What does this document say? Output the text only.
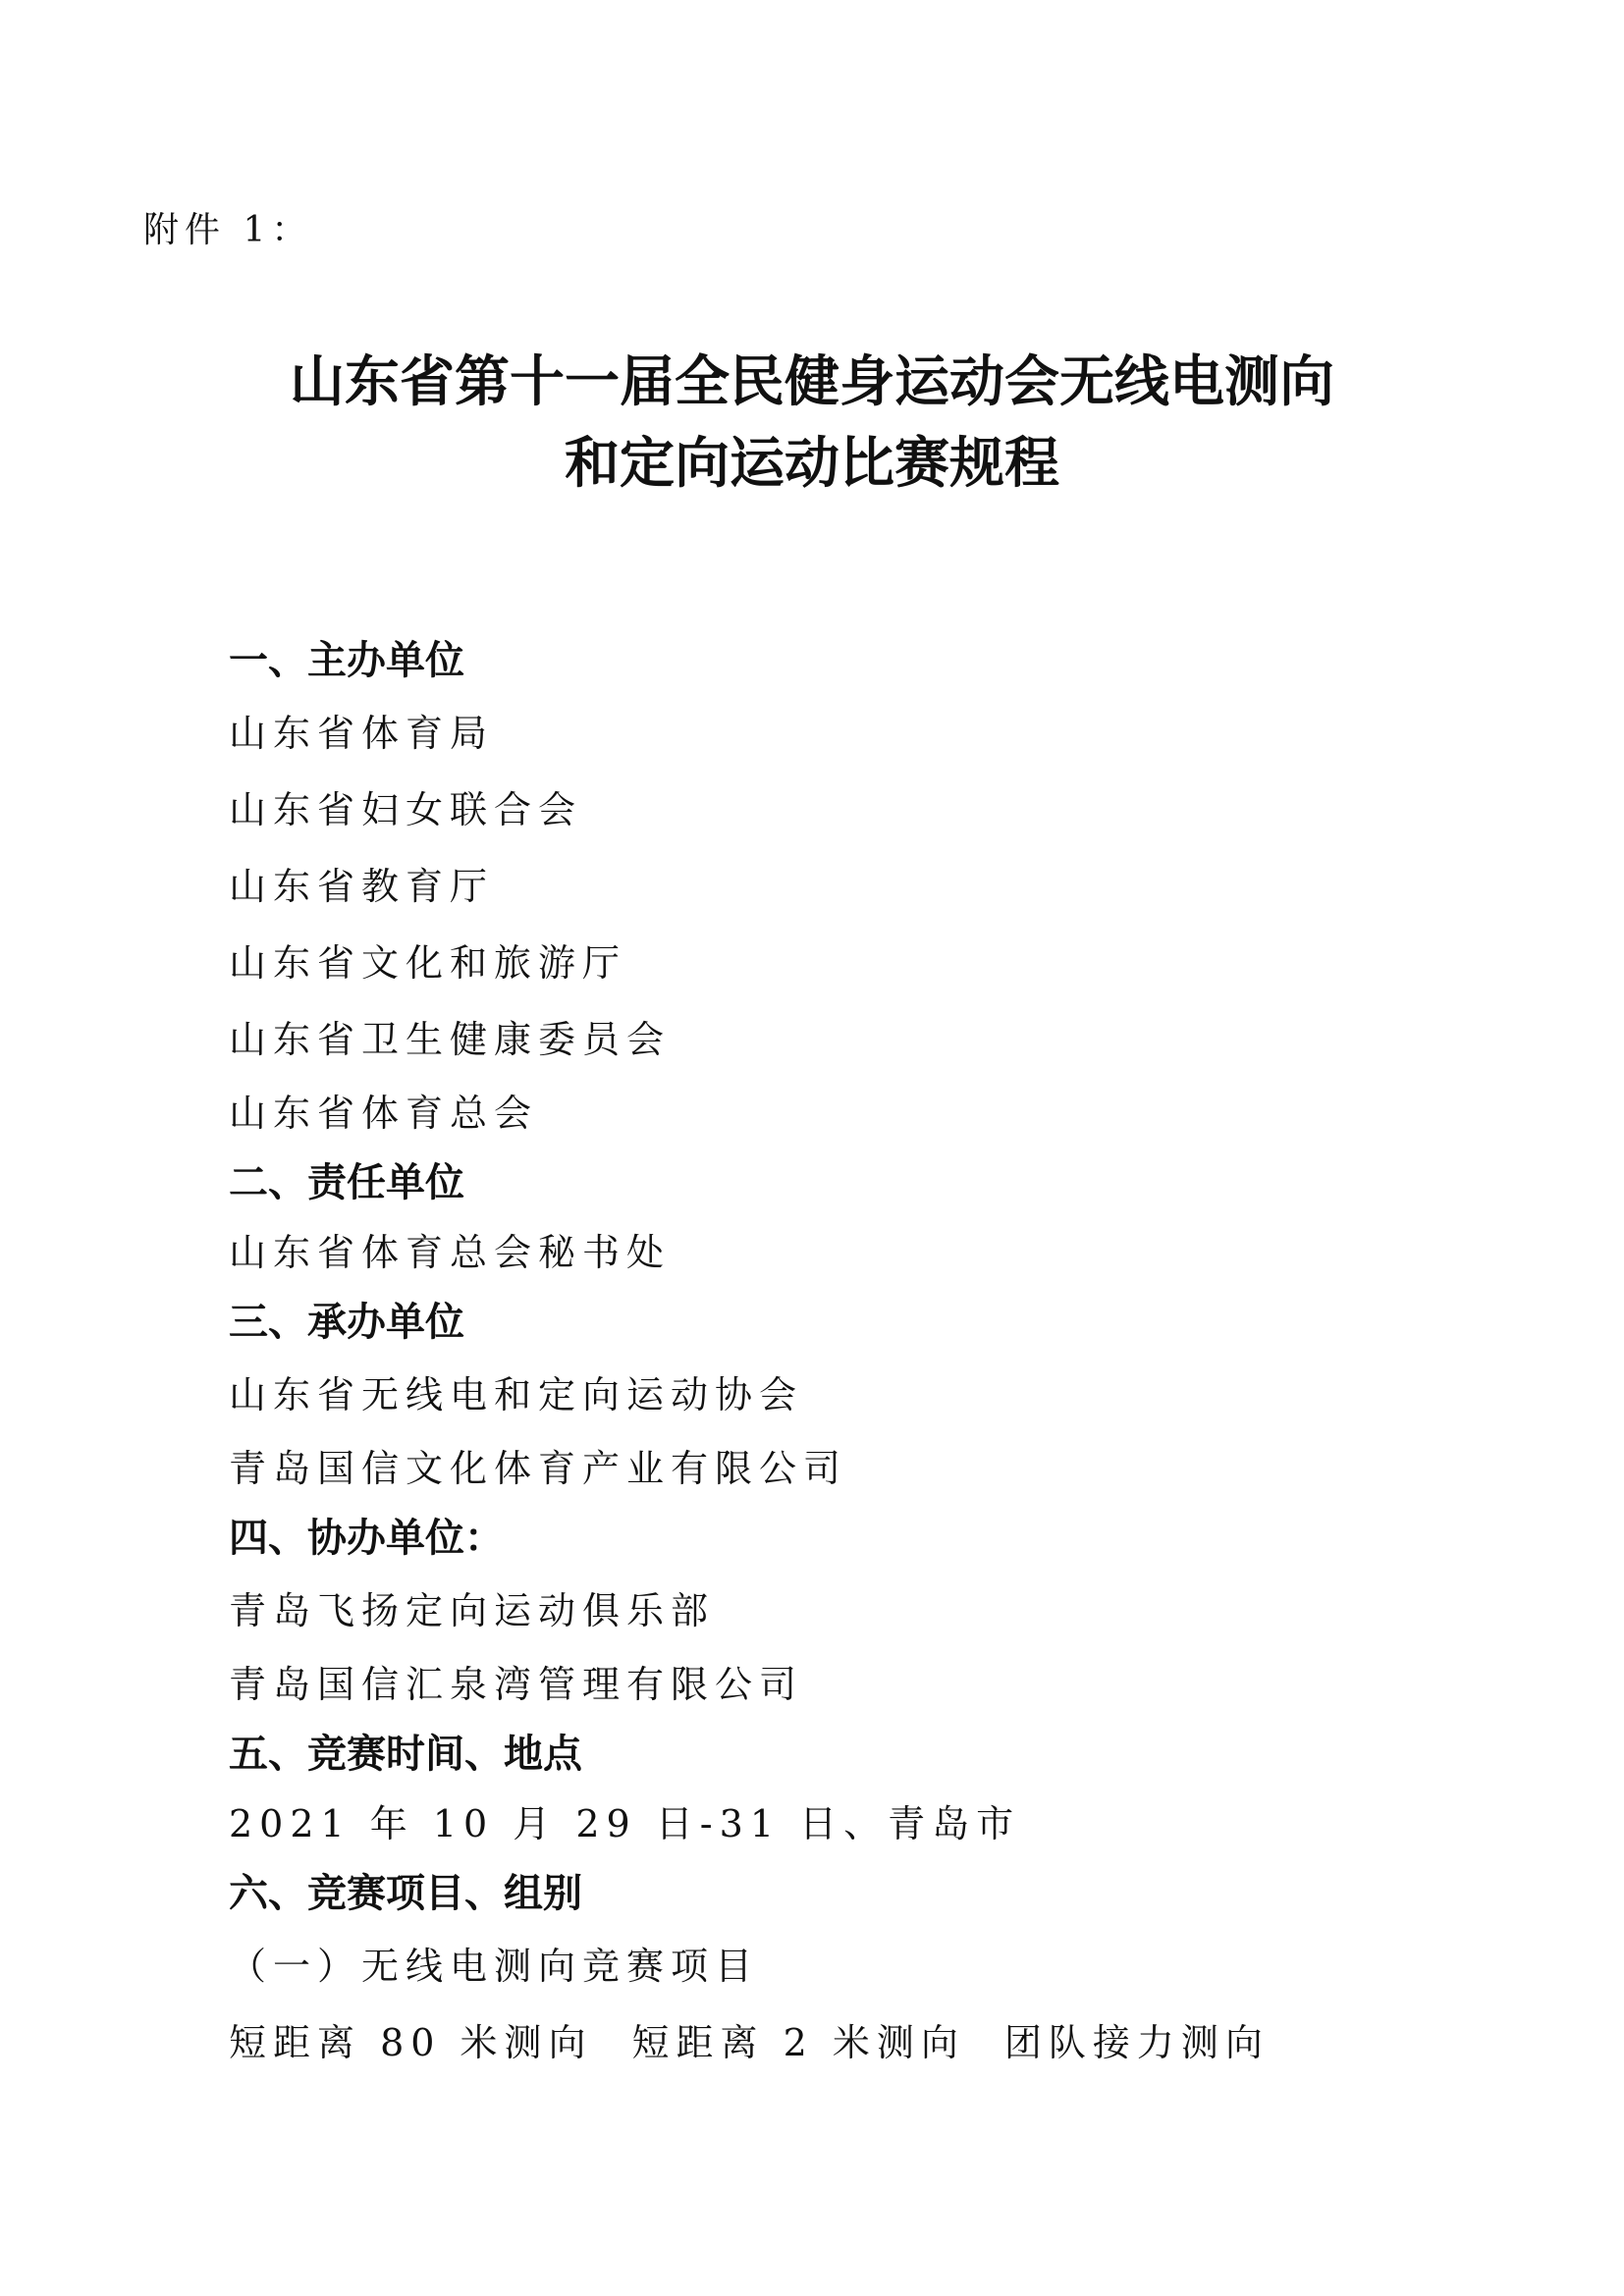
附件 1：
山东省第十一届全民健身运动会无线电测向
和定向运动比赛规程
一、主办单位
山东省体育局
山东省妇女联合会
山东省教育厅
山东省文化和旅游厅
山东省卫生健康委员会
山东省体育总会
二、责任单位
山东省体育总会秘书处
三、承办单位
山东省无线电和定向运动协会
青岛国信文化体育产业有限公司
四、协办单位：
青岛飞扬定向运动俱乐部
青岛国信汇泉湾管理有限公司
五、竞赛时间、地点
2021 年 10 月 29 日-31 日、青岛市
六、竞赛项目、组别
（一）无线电测向竞赛项目
短距离 80 米测向 短距离 2 米测向 团队接力测向
